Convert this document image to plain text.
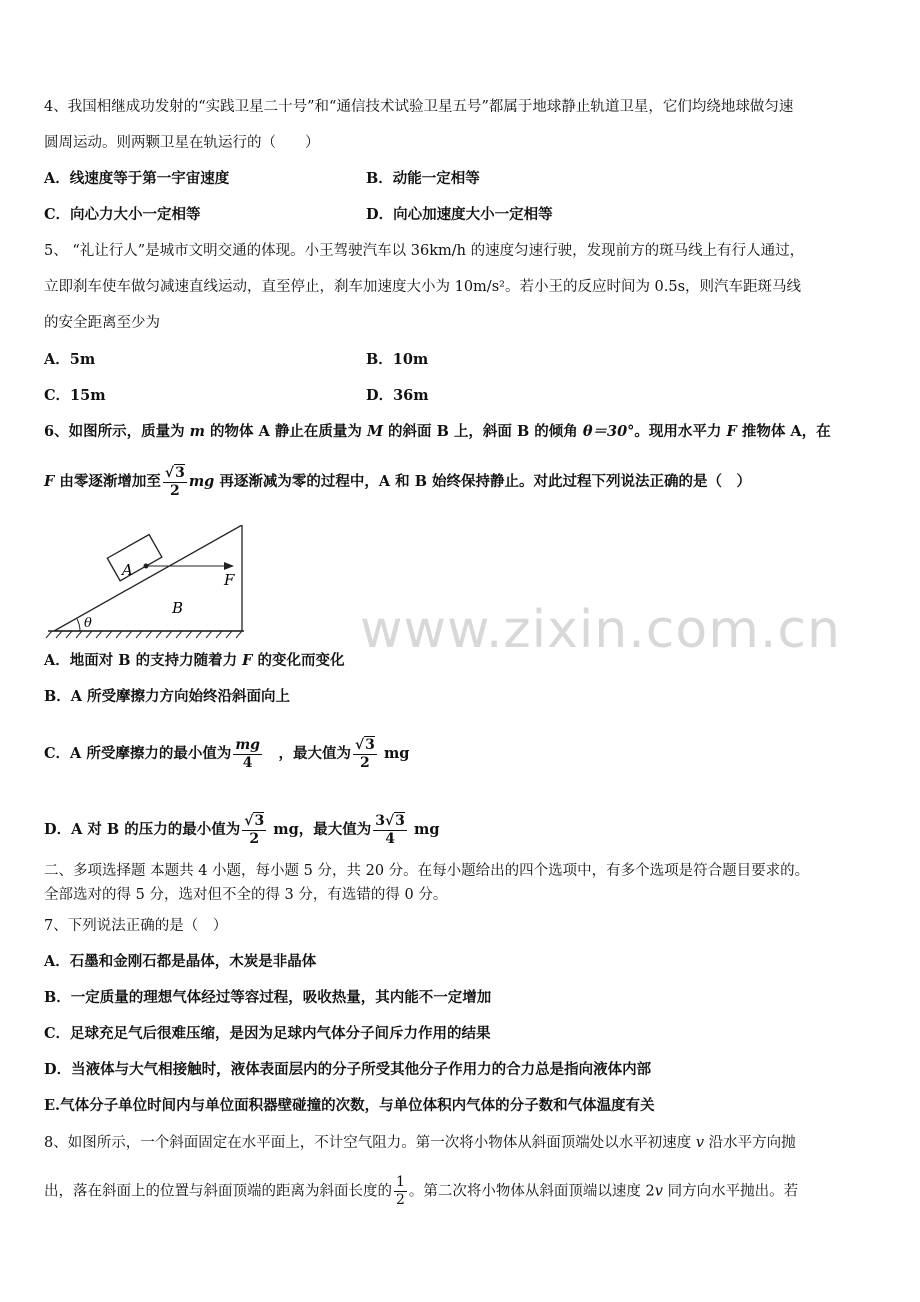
4、我国相继成功发射的“实践卫星二十号”和“通信技术试验卫星五号”都属于地球静止轨道卫星，它们均绕地球做匀速
圆周运动。则两颗卫星在轨运行的（　　）
A．线速度等于第一宇宙速度	B．动能一定相等
C．向心力大小一定相等	D．向心加速度大小一定相等
5、 “礼让行人”是城市文明交通的体现。小王驾驶汽车以 36km/h 的速度匀速行驶，发现前方的斑马线上有行人通过，
立即刹车使车做匀减速直线运动，直至停止，刹车加速度大小为 10m/s²。若小王的反应时间为 0.5s，则汽车距斑马线
的安全距离至少为
A．5m	B．10m
C．15m	D．36m
6、如图所示，质量为 m 的物体 A 静止在质量为 M 的斜面 B 上，斜面 B 的倾角 θ＝30°。现用水平力 F 推物体 A，在
F 由零逐渐增加至 $\frac{√3}{2}$ mg 再逐渐减为零的过程中，A 和 B 始终保持静止。对此过程下列说法正确的是（　）
A
B
F
θ	www.zixin.com.cn
A．地面对 B 的支持力随着力 F 的变化而变化
B．A 所受摩擦力方向始终沿斜面向上
C．A 所受摩擦力的最小值为 $\frac{mg}{4}$ 　，最大值为 $\frac{√3}{2}$ mg
D．A 对 B 的压力的最小值为 $\frac{√3}{2}$ mg，最大值为 $\frac{3√3}{4}$ mg
二、多项选择题 本题共 4 小题，每小题 5 分，共 20 分。在每小题给出的四个选项中，有多个选项是符合题目要求的。
全部选对的得 5 分，选对但不全的得 3 分，有选错的得 0 分。
7、下列说法正确的是（　）
A．石墨和金刚石都是晶体，木炭是非晶体
B．一定质量的理想气体经过等容过程，吸收热量，其内能不一定增加
C．足球充足气后很难压缩，是因为足球内气体分子间斥力作用的结果
D．当液体与大气相接触时，液体表面层内的分子所受其他分子作用力的合力总是指向液体内部
E.气体分子单位时间内与单位面积器壁碰撞的次数，与单位体积内气体的分子数和气体温度有关
8、如图所示，一个斜面固定在水平面上，不计空气阻力。第一次将小物体从斜面顶端处以水平初速度 v 沿水平方向抛
出，落在斜面上的位置与斜面顶端的距离为斜面长度的 $\frac{1}{2}$ 。第二次将小物体从斜面顶端以速度 2v 同方向水平抛出。若
